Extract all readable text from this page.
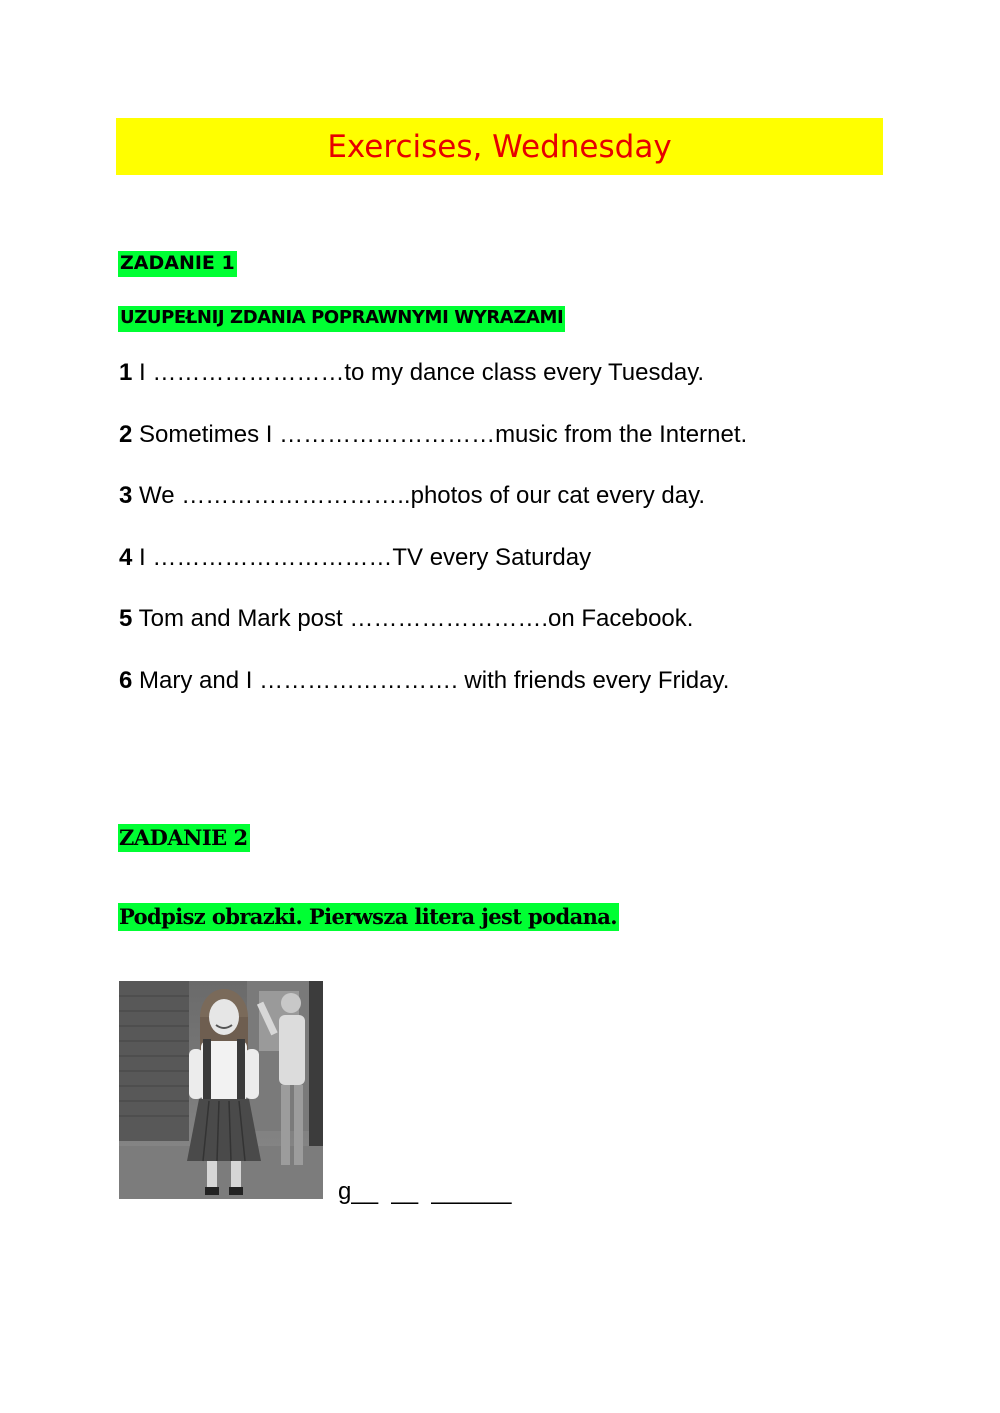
Exercises, Wednesday
ZADANIE 1
UZUPEŁNIJ ZDANIA POPRAWNYMI WYRAZAMI
1 I ……………………to my dance class every Tuesday.
2 Sometimes I ………………………music from the Internet.
3 We ………………………..photos of our cat every day.
4 I …………………………TV every Saturday
5 Tom and Mark post …………………….on Facebook.
6 Mary and I ……………………. with friends every Friday.
ZADANIE 2
Podpisz obrazki. Pierwsza litera jest podana.
g__  __  ______
